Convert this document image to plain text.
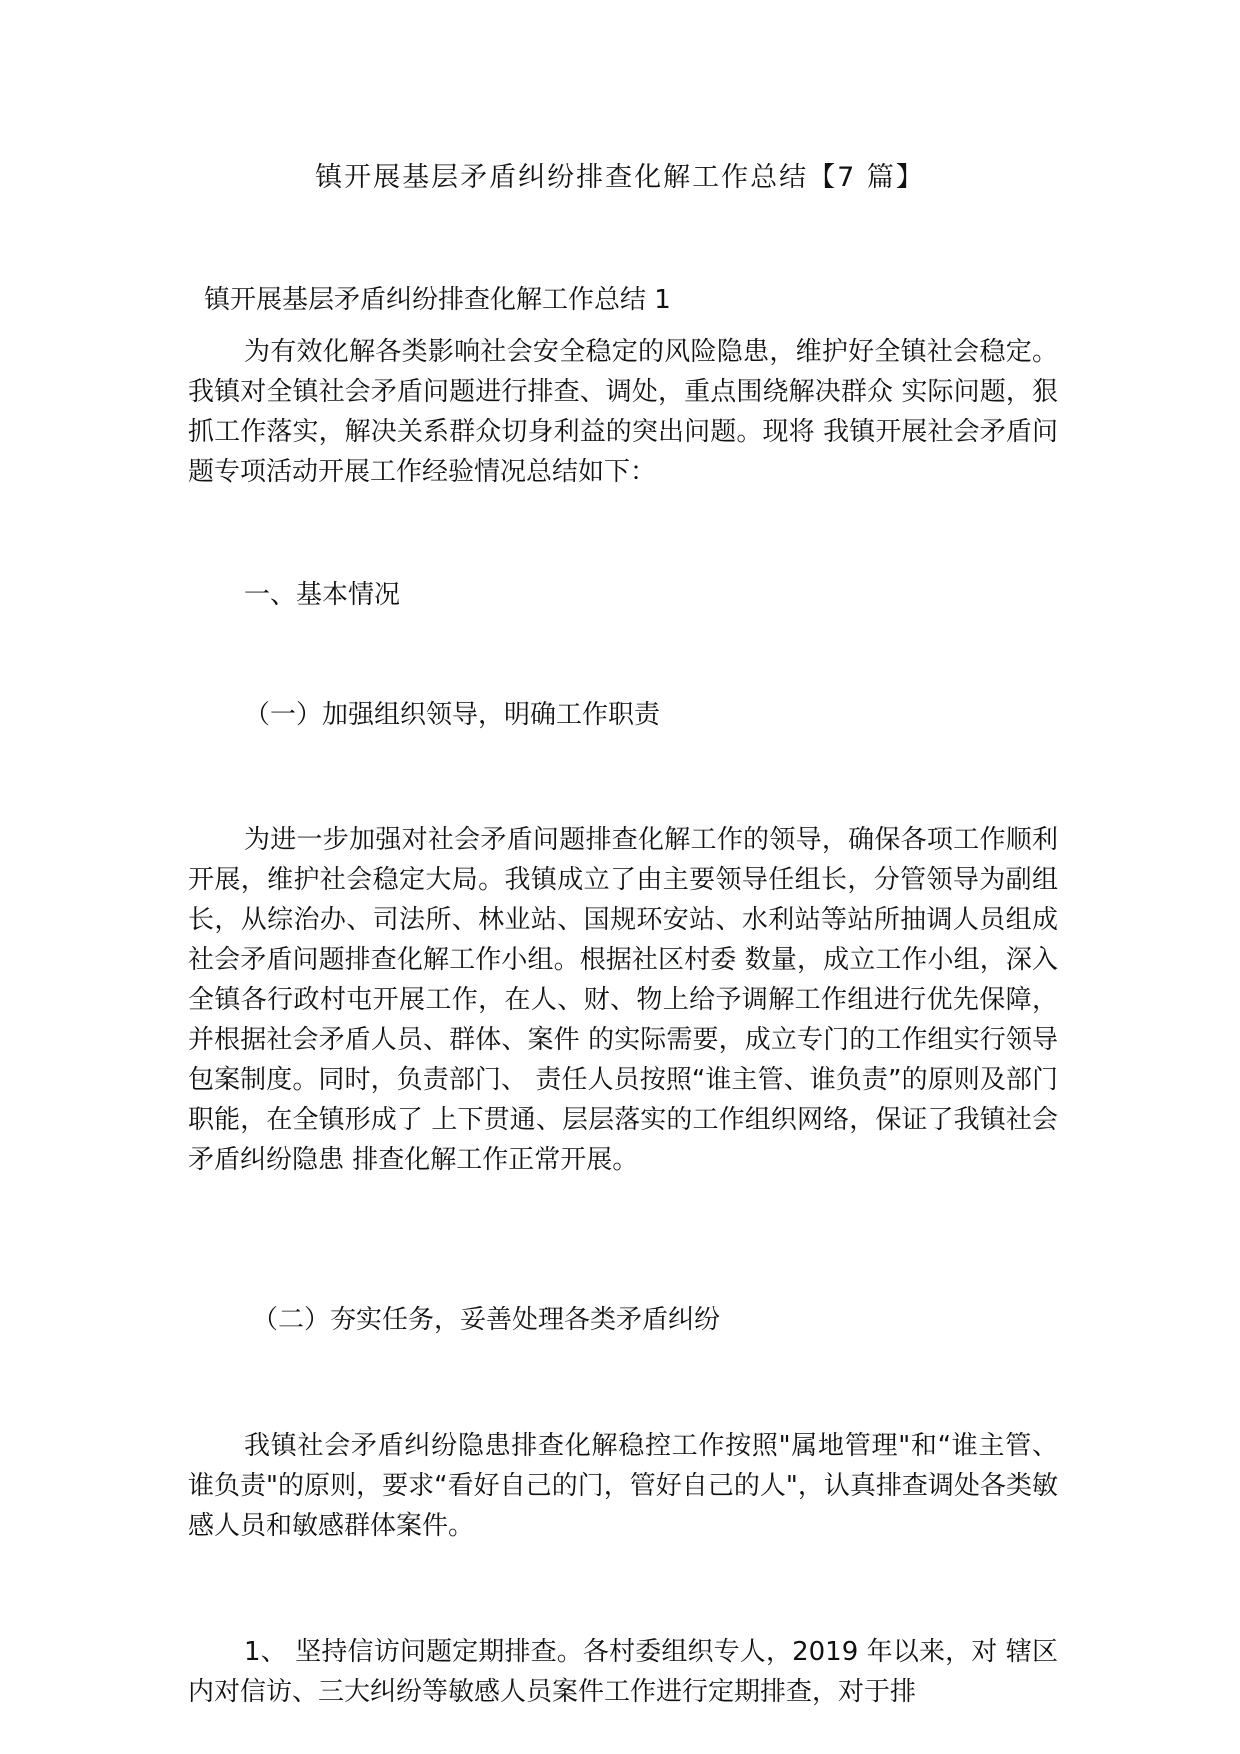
镇开展基层矛盾纠纷排查化解工作总结【7 篇】
镇开展基层矛盾纠纷排查化解工作总结 1

为有效化解各类影响社会安全稳定的风险隐患，维护好全镇社会稳定。我镇对全镇社会矛盾问题进行排查、调处，重点围绕解决群众 实际问题，狠抓工作落实，解决关系群众切身利益的突出问题。现将 我镇开展社会矛盾问题专项活动开展工作经验情况总结如下：

一、基本情况
（一）加强组织领导，明确工作职责

为进一步加强对社会矛盾问题排查化解工作的领导，确保各项工作顺利开展，维护社会稳定大局。我镇成立了由主要领导任组长，分管领导为副组长，从综治办、司法所、林业站、国规环安站、水利站等站所抽调人员组成社会矛盾问题排查化解工作小组。根据社区村委 数量，成立工作小组，深入全镇各行政村屯开展工作，在人、财、物上给予调解工作组进行优先保障，并根据社会矛盾人员、群体、案件 的实际需要，成立专门的工作组实行领导包案制度。同时，负责部门、 责任人员按照“谁主管、谁负责”的原则及部门职能，在全镇形成了 上下贯通、层层落实的工作组织网络，保证了我镇社会矛盾纠纷隐患 排查化解工作正常开展。

（二）夯实任务，妥善处理各类矛盾纠纷

我镇社会矛盾纠纷隐患排查化解稳控工作按照"属地管理"和“谁主管、谁负责"的原则，要求“看好自己的门，管好自己的人"，认真排查调处各类敏感人员和敏感群体案件。

1、 坚持信访问题定期排查。各村委组织专人，2019 年以来，对 辖区内对信访、三大纠纷等敏感人员案件工作进行定期排查，对于排
